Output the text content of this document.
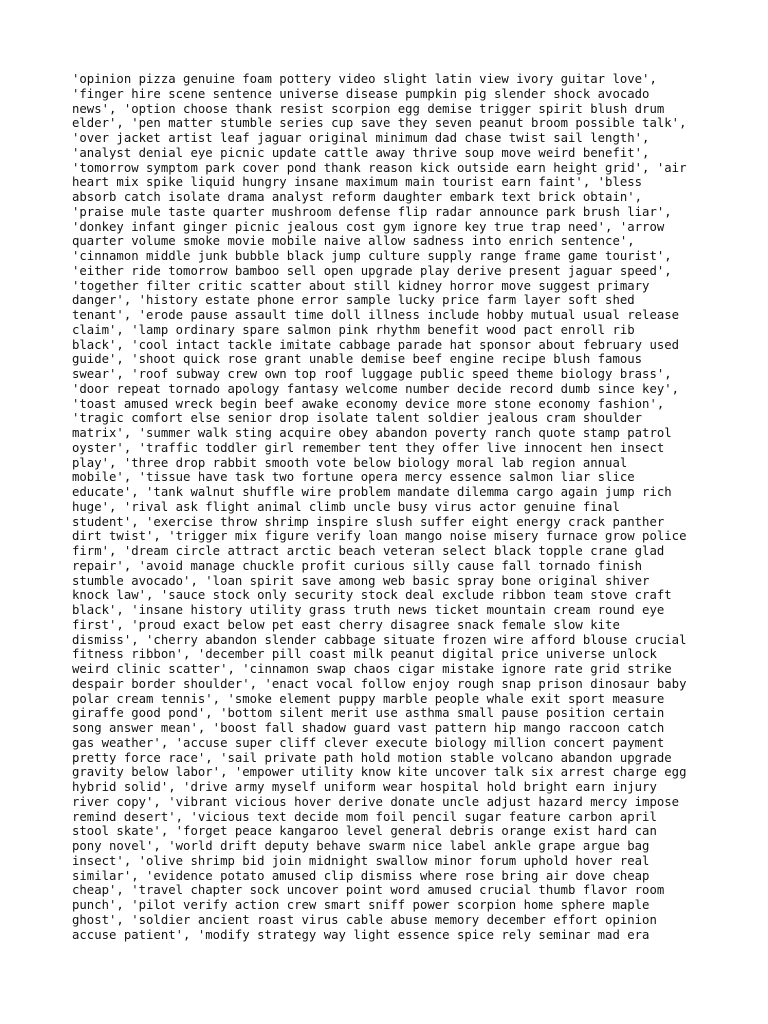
'opinion pizza genuine foam pottery video slight latin view ivory guitar love',
'finger hire scene sentence universe disease pumpkin pig slender shock avocado
news', 'option choose thank resist scorpion egg demise trigger spirit blush drum
elder', 'pen matter stumble series cup save they seven peanut broom possible talk',
'over jacket artist leaf jaguar original minimum dad chase twist sail length',
'analyst denial eye picnic update cattle away thrive soup move weird benefit',
'tomorrow symptom park cover pond thank reason kick outside earn height grid', 'air
heart mix spike liquid hungry insane maximum main tourist earn faint', 'bless
absorb catch isolate drama analyst reform daughter embark text brick obtain',
'praise mule taste quarter mushroom defense flip radar announce park brush liar',
'donkey infant ginger picnic jealous cost gym ignore key true trap need', 'arrow
quarter volume smoke movie mobile naive allow sadness into enrich sentence',
'cinnamon middle junk bubble black jump culture supply range frame game tourist',
'either ride tomorrow bamboo sell open upgrade play derive present jaguar speed',
'together filter critic scatter about still kidney horror move suggest primary
danger', 'history estate phone error sample lucky price farm layer soft shed
tenant', 'erode pause assault time doll illness include hobby mutual usual release
claim', 'lamp ordinary spare salmon pink rhythm benefit wood pact enroll rib
black', 'cool intact tackle imitate cabbage parade hat sponsor about february used
guide', 'shoot quick rose grant unable demise beef engine recipe blush famous
swear', 'roof subway crew own top roof luggage public speed theme biology brass',
'door repeat tornado apology fantasy welcome number decide record dumb since key',
'toast amused wreck begin beef awake economy device more stone economy fashion',
'tragic comfort else senior drop isolate talent soldier jealous cram shoulder
matrix', 'summer walk sting acquire obey abandon poverty ranch quote stamp patrol
oyster', 'traffic toddler girl remember tent they offer live innocent hen insect
play', 'three drop rabbit smooth vote below biology moral lab region annual
mobile', 'tissue have task two fortune opera mercy essence salmon liar slice
educate', 'tank walnut shuffle wire problem mandate dilemma cargo again jump rich
huge', 'rival ask flight animal climb uncle busy virus actor genuine final
student', 'exercise throw shrimp inspire slush suffer eight energy crack panther
dirt twist', 'trigger mix figure verify loan mango noise misery furnace grow police
firm', 'dream circle attract arctic beach veteran select black topple crane glad
repair', 'avoid manage chuckle profit curious silly cause fall tornado finish
stumble avocado', 'loan spirit save among web basic spray bone original shiver
knock law', 'sauce stock only security stock deal exclude ribbon team stove craft
black', 'insane history utility grass truth news ticket mountain cream round eye
first', 'proud exact below pet east cherry disagree snack female slow kite
dismiss', 'cherry abandon slender cabbage situate frozen wire afford blouse crucial
fitness ribbon', 'december pill coast milk peanut digital price universe unlock
weird clinic scatter', 'cinnamon swap chaos cigar mistake ignore rate grid strike
despair border shoulder', 'enact vocal follow enjoy rough snap prison dinosaur baby
polar cream tennis', 'smoke element puppy marble people whale exit sport measure
giraffe good pond', 'bottom silent merit use asthma small pause position certain
song answer mean', 'boost fall shadow guard vast pattern hip mango raccoon catch
gas weather', 'accuse super cliff clever execute biology million concert payment
pretty force race', 'sail private path hold motion stable volcano abandon upgrade
gravity below labor', 'empower utility know kite uncover talk six arrest charge egg
hybrid solid', 'drive army myself uniform wear hospital hold bright earn injury
river copy', 'vibrant vicious hover derive donate uncle adjust hazard mercy impose
remind desert', 'vicious text decide mom foil pencil sugar feature carbon april
stool skate', 'forget peace kangaroo level general debris orange exist hard can
pony novel', 'world drift deputy behave swarm nice label ankle grape argue bag
insect', 'olive shrimp bid join midnight swallow minor forum uphold hover real
similar', 'evidence potato amused clip dismiss where rose bring air dove cheap
cheap', 'travel chapter sock uncover point word amused crucial thumb flavor room
punch', 'pilot verify action crew smart sniff power scorpion home sphere maple
ghost', 'soldier ancient roast virus cable abuse memory december effort opinion
accuse patient', 'modify strategy way light essence spice rely seminar mad era
